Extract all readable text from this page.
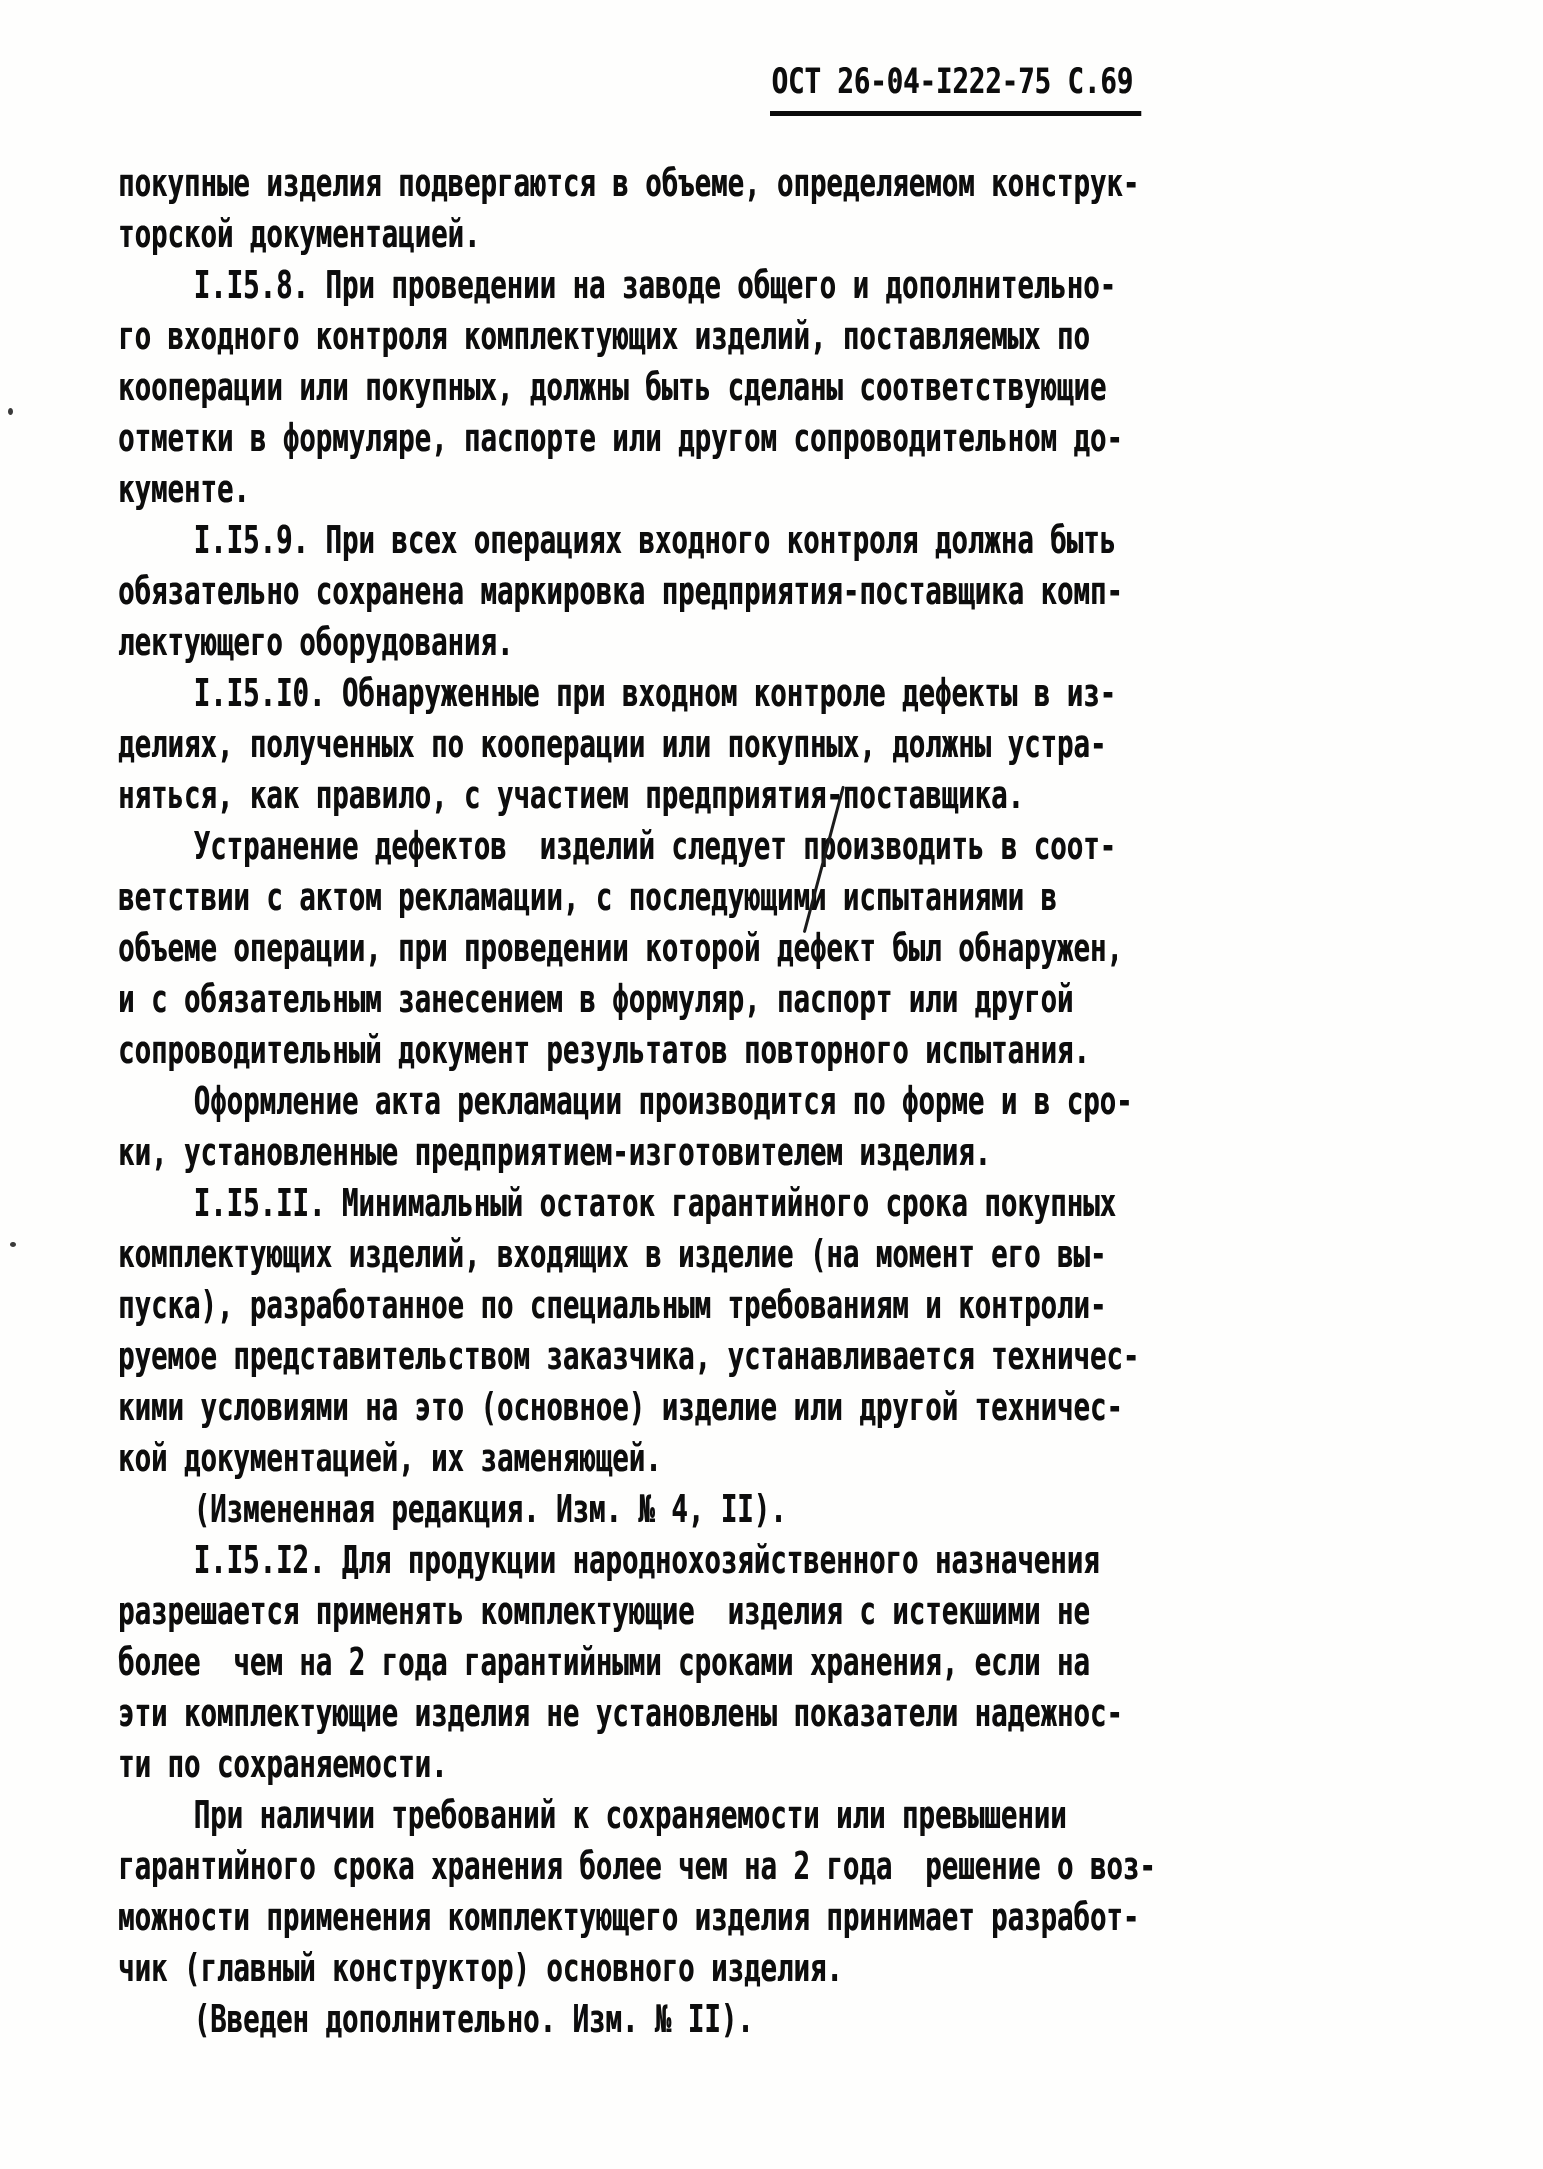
ОСТ 26-04-I222-75 С.69
покупные изделия подвергаются в объеме, определяемом конструк-
торской документацией.
I.I5.8. При проведении на заводе общего и дополнительно-
го входного контроля комплектующих изделий, поставляемых по
кооперации или покупных, должны быть сделаны соответствующие
отметки в формуляре, паспорте или другом сопроводительном до-
кументе.
I.I5.9. При всех операциях входного контроля должна быть
обязательно сохранена маркировка предприятия-поставщика комп-
лектующего оборудования.
I.I5.I0. Обнаруженные при входном контроле дефекты в из-
делиях, полученных по кооперации или покупных, должны устра-
няться, как правило, с участием предприятия-поставщика.
Устранение дефектов  изделий следует производить в соот-
ветствии с актом рекламации, с последующими испытаниями в
объеме операции, при проведении которой дефект был обнаружен,
и с обязательным занесением в формуляр, паспорт или другой
сопроводительный документ результатов повторного испытания.
Оформление акта рекламации производится по форме и в сро-
ки, установленные предприятием-изготовителем изделия.
I.I5.II. Минимальный остаток гарантийного срока покупных
комплектующих изделий, входящих в изделие (на момент его вы-
пуска), разработанное по специальным требованиям и контроли-
руемое представительством заказчика, устанавливается техничес-
кими условиями на это (основное) изделие или другой техничес-
кой документацией, их заменяющей.
(Измененная редакция. Изм. № 4, II).
I.I5.I2. Для продукции народнохозяйственного назначения
разрешается применять комплектующие  изделия с истекшими не
более  чем на 2 года гарантийными сроками хранения, если на
эти комплектующие изделия не установлены показатели надежнос-
ти по сохраняемости.
При наличии требований к сохраняемости или превышении
гарантийного срока хранения более чем на 2 года  решение о воз-
можности применения комплектующего изделия принимает разработ-
чик (главный конструктор) основного изделия.
(Введен дополнительно. Изм. № II).
